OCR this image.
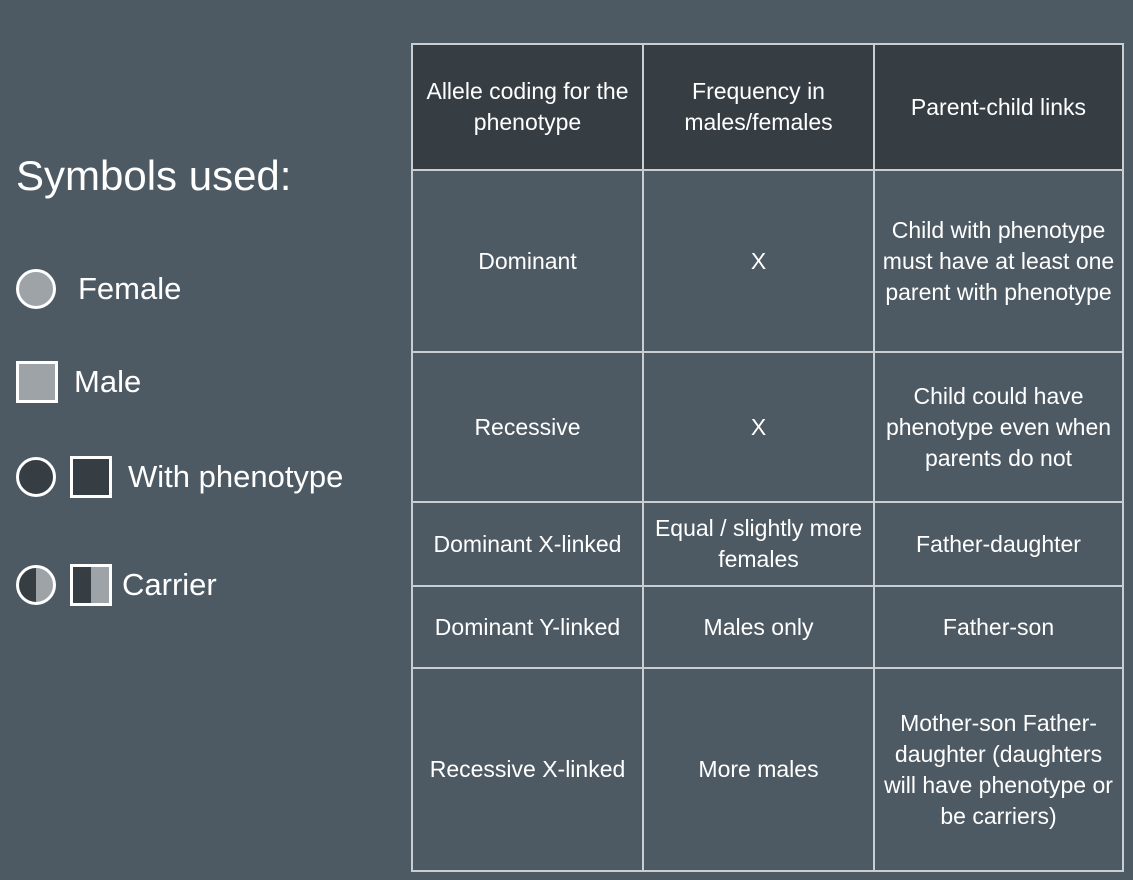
Symbols used:
Female
Male
With phenotype
Carrier
Allele coding for the phenotype	Frequency in males/females	Parent-child links
Dominant	X	Child with phenotype must have at least one parent with phenotype
Recessive	X	Child could have phenotype even when parents do not
Dominant X-linked	Equal / slightly more females	Father-daughter
Dominant Y-linked	Males only	Father-son
Recessive X-linked	More males	Mother-son Father-daughter (daughters will have phenotype or be carriers)
